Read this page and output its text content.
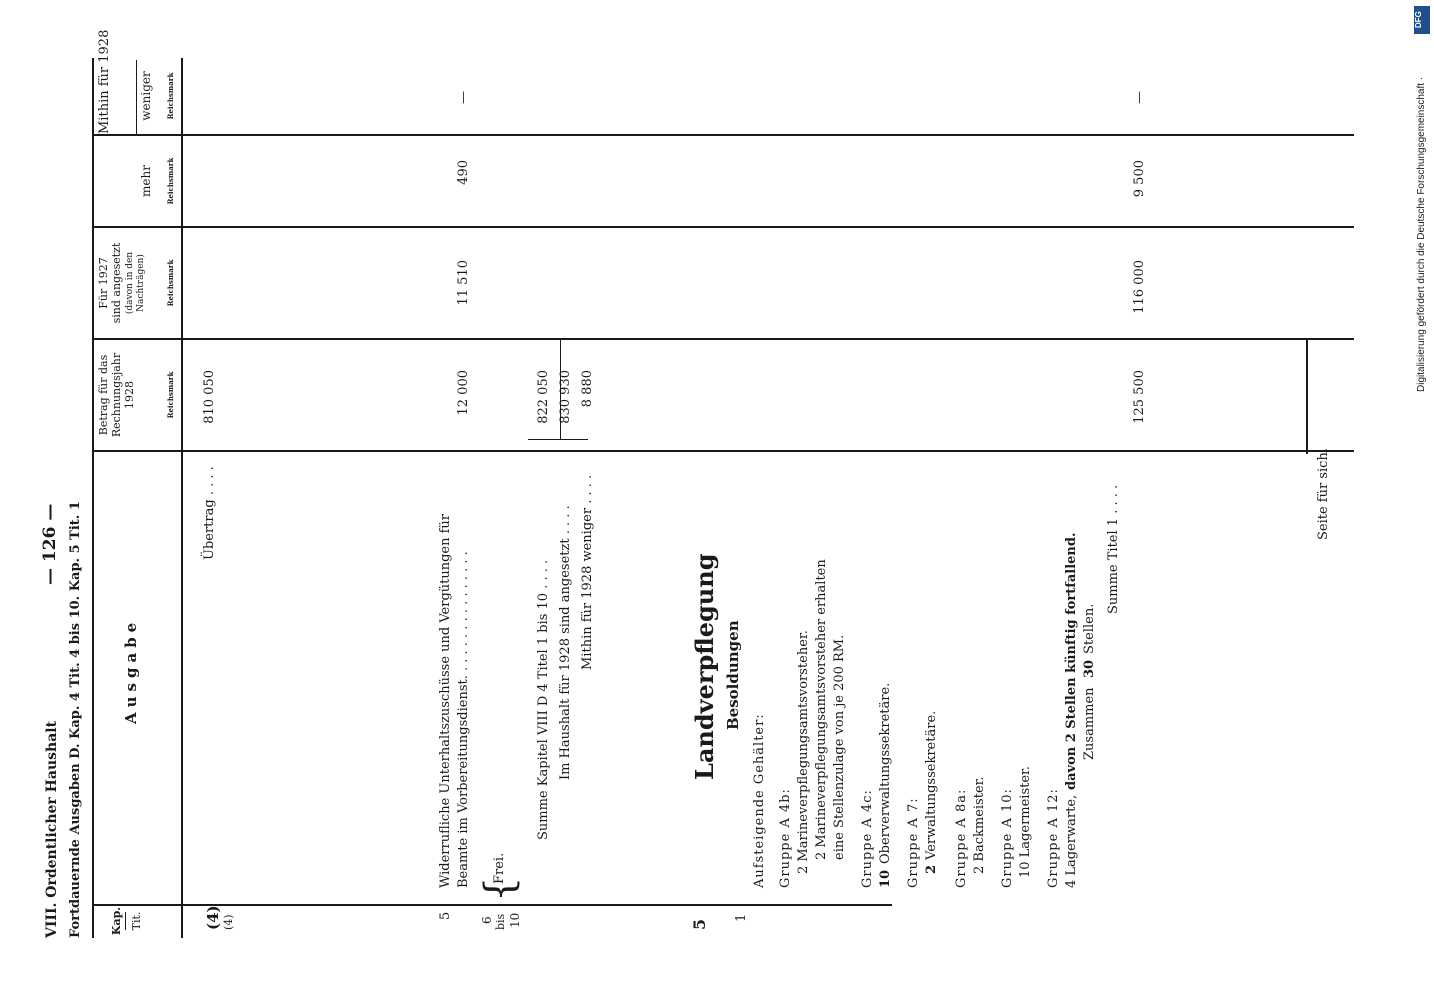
VIII. Ordentlicher Haushalt
— 126 — Fortdauernde Ausgaben D. Kap. 4 Tit. 4 bis 10. Kap. 5 Tit. 1 Kap. Tit.
Ausgabe
Betrag für das Rechnungsjahr 1928	Reichsmark
Für 1927 sind angesetzt (davon in den Nachträgen)	Reichsmark
Mithin für 1928
mehr Reichsmark
weniger Reichsmark
(4) (4)
Übertrag . . . .
810 050
5
Widerrufliche Unterhaltszuschüsse und Vergütungen für Beamte im Vorbereitungsdienst. . . . . . . . . . . . . . . .
12 000
11 510
490
—
6 bis 10
{
Frei.
Summe Kapitel VIII D 4 Titel 1 bis 10 . . . .
822 050
Im Haushalt für 1928 sind angesetzt . . . .
830 930
Mithin für 1928 weniger . . . .
8 880
5
1
Landverpflegung Besoldungen
Aufsteigende Gehälter: Gruppe A 4b: 2 Marineverpflegungsamtsvorsteher. 2 Marineverpflegungsamtsvorsteher erhalten eine Stellenzulage von je 200 RM. Gruppe A 4c: 10
Oberverwaltungssekretäre. Gruppe A 7: 2
Verwaltungssekretäre. Gruppe A 8a: 2 Backmeister. Gruppe A 10: 10 Lagermeister. Gruppe A 12: 4 Lagerwarte,
davon 2 Stellen künftig fortfallend. Zusammen
30
Stellen.
Summe Titel 1 . . . .
125 500
116 000
9 500
—
Seite für sich.
Digitalisierung gefördert durch die Deutsche Forschungsgemeinschaft ·
DFG
